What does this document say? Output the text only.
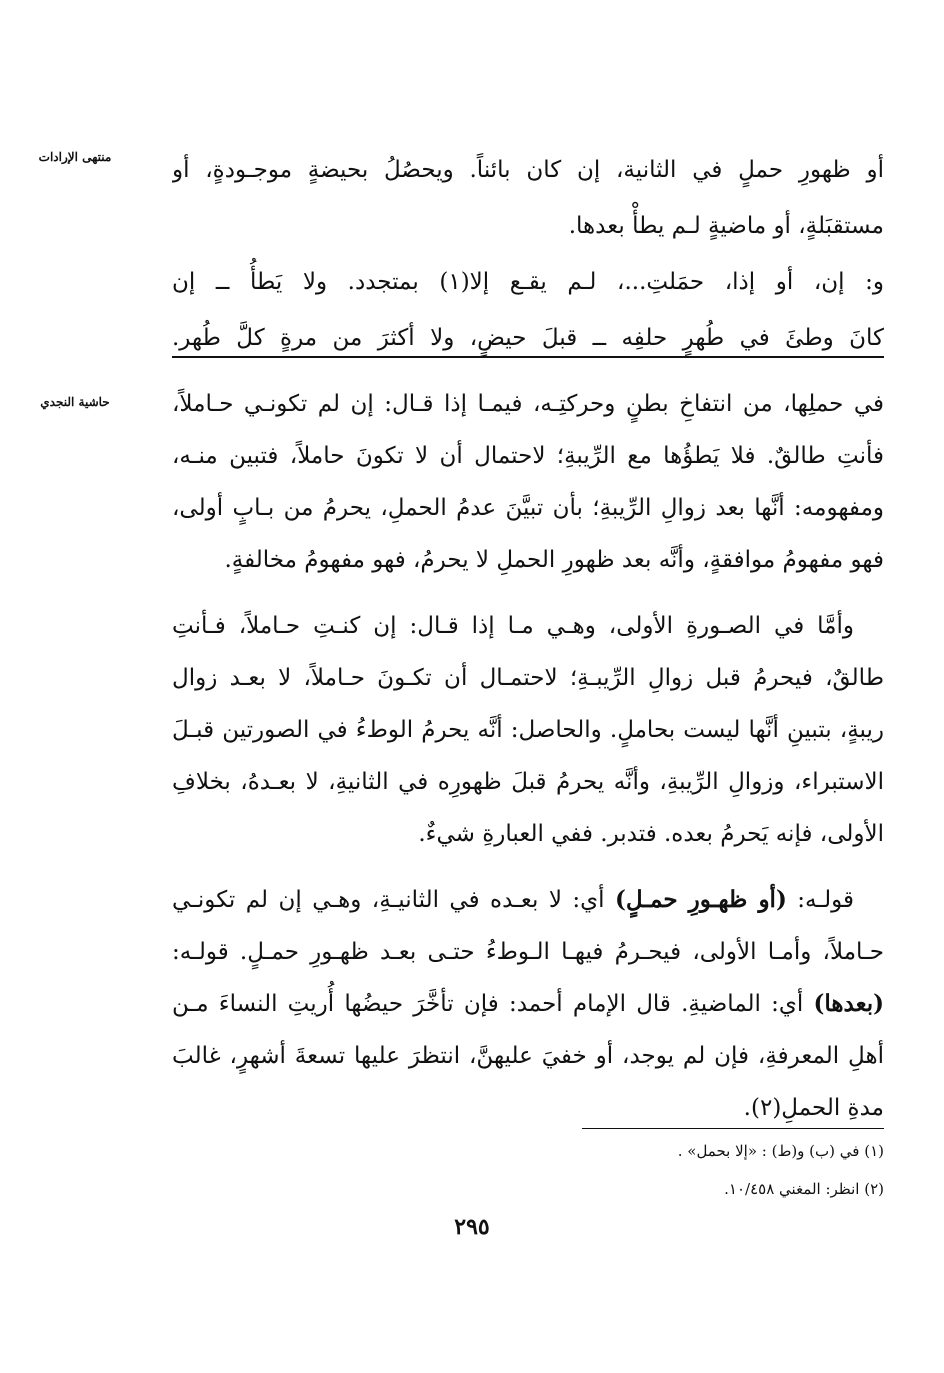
منتهى الإرادات
حاشية النجدي
أو ظهورِ حملٍ في الثانية، إن كان بائناً. ويحصُلُ بحيضةٍ موجـودةٍ، أو
مستقبَلةٍ، أو ماضيةٍ لـم يطأْ بعدها.
و: إن، أو إذا، حمَلتِ...، لـم يقـع إلا(١) بمتجدد. ولا يَطأُ ــ إن
كانَ وطئَ في طُهرٍ حلفِه ــ قبلَ حيضٍ، ولا أكثرَ من مرةٍ كلَّ طُهر.

في حملِها، من انتفاخِ بطنٍ وحركتِـه، فيمـا إذا قـال: إن لم تكونـي حـاملاً،
فأنتِ طالقٌ. فلا يَطؤُها مع الرِّيبةِ؛ لاحتمال أن لا تكونَ حاملاً، فتبين منـه،
ومفهومه: أنَّها بعد زوالِ الرِّيبةِ؛ بأن تبيَّنَ عدمُ الحملِ، يحرمُ من بـابٍ أولى،
فهو مفهومُ موافقةٍ، وأنَّه بعد ظهورِ الحملِ لا يحرمُ، فهو مفهومُ مخالفةٍ.

وأمَّا في الصـورةِ الأولى، وهـي مـا إذا قـال: إن كنـتِ حـاملاً، فـأنتِ
طالقٌ، فيحرمُ قبل زوالِ الرِّيبـةِ؛ لاحتمـال أن تكـونَ حـاملاً، لا بعـد زوال
ريبةٍ، بتبينِ أنَّها ليست بحاملٍ. والحاصل: أنَّه يحرمُ الوطءُ في الصورتين قبـلَ
الاستبراء، وزوالِ الرِّيبةِ، وأنَّه يحرمُ قبلَ ظهورِه في الثانيةِ، لا بعـدهُ، بخلافِ
الأولى، فإنه يَحرمُ بعده. فتدبر. ففي العبارةِ شيءٌ.

قولـه: (أو ظهـورِ حمـلٍ) أي: لا بعـده في الثانيـةِ، وهـي إن لم تكونـي
حـاملاً، وأمـا الأولى، فيحـرمُ فيهـا الـوطءُ حتـى بعـد ظهـورِ حمـلٍ. قولـه:
(بعدها) أي: الماضيةِ. قال الإمام أحمد: فإن تأخَّرَ حيضُها أُريتِ النساءَ مـن
أهلِ المعرفةِ، فإن لم يوجد، أو خفيَ عليهنَّ، انتظرَ عليها تسعةَ أشهرٍ، غالبَ
مدةِ الحملِ(٢).

(١) في (ب) و(ط) : «إلا بحمل» .
(٢) انظر: المغني ١٠/٤٥٨.
٢٩٥
